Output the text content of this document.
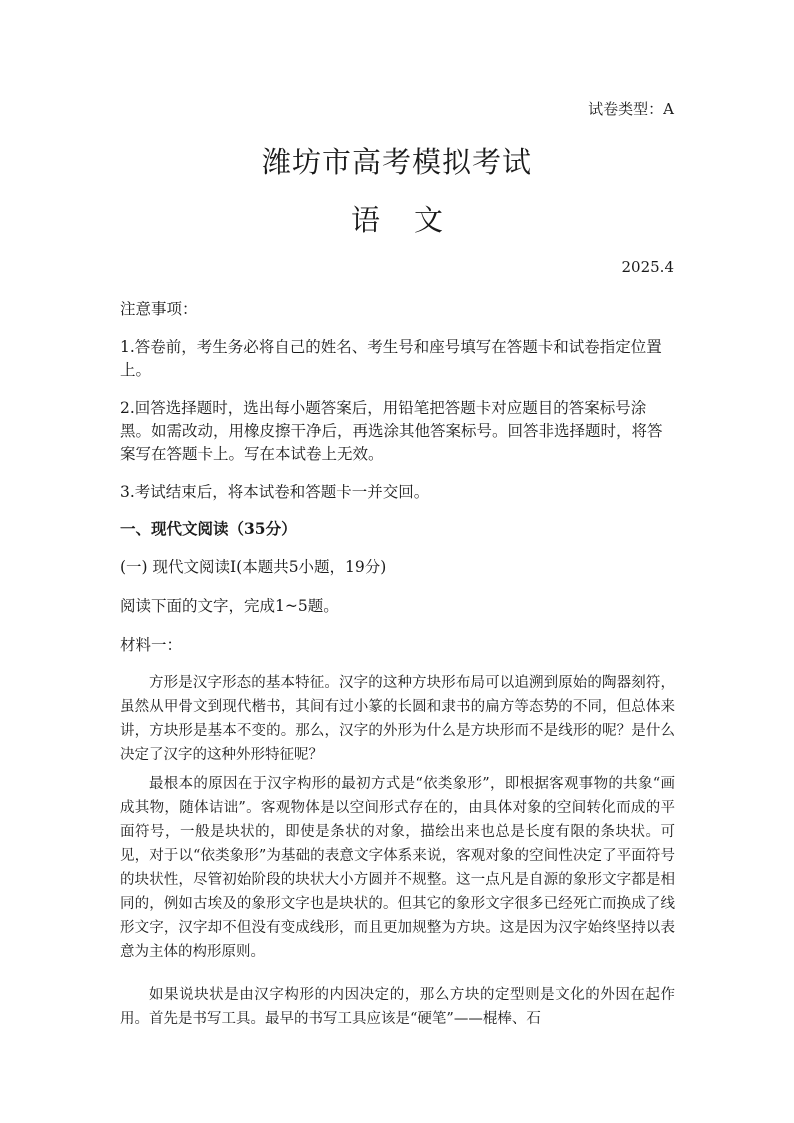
试卷类型：A
潍坊市高考模拟考试
语 文
2025.4
注意事项：
1.答卷前，考生务必将自己的姓名、考生号和座号填写在答题卡和试卷指定位置上。
2.回答选择题时，选出每小题答案后，用铅笔把答题卡对应题目的答案标号涂黑。如需改动，用橡皮擦干净后，再选涂其他答案标号。回答非选择题时，将答案写在答题卡上。写在本试卷上无效。
3.考试结束后，将本试卷和答题卡一并交回。
一、现代文阅读（35分）
(一) 现代文阅读Ⅰ(本题共5小题，19分)
阅读下面的文字，完成1~5题。
材料一：
方形是汉字形态的基本特征。汉字的这种方块形布局可以追溯到原始的陶器刻符，虽然从甲骨文到现代楷书，其间有过小篆的长圆和隶书的扁方等态势的不同，但总体来讲，方块形是基本不变的。那么，汉字的外形为什么是方块形而不是线形的呢？是什么决定了汉字的这种外形特征呢？
最根本的原因在于汉字构形的最初方式是“依类象形”，即根据客观事物的共象“画成其物，随体诘诎”。客观物体是以空间形式存在的，由具体对象的空间转化而成的平面符号，一般是块状的，即使是条状的对象，描绘出来也总是长度有限的条块状。可见，对于以“依类象形”为基础的表意文字体系来说，客观对象的空间性决定了平面符号的块状性，尽管初始阶段的块状大小方圆并不规整。这一点凡是自源的象形文字都是相同的，例如古埃及的象形文字也是块状的。但其它的象形文字很多已经死亡而换成了线形文字，汉字却不但没有变成线形，而且更加规整为方块。这是因为汉字始终坚持以表意为主体的构形原则。
如果说块状是由汉字构形的内因决定的，那么方块的定型则是文化的外因在起作用。首先是书写工具。最早的书写工具应该是“硬笔”——棍棒、石
